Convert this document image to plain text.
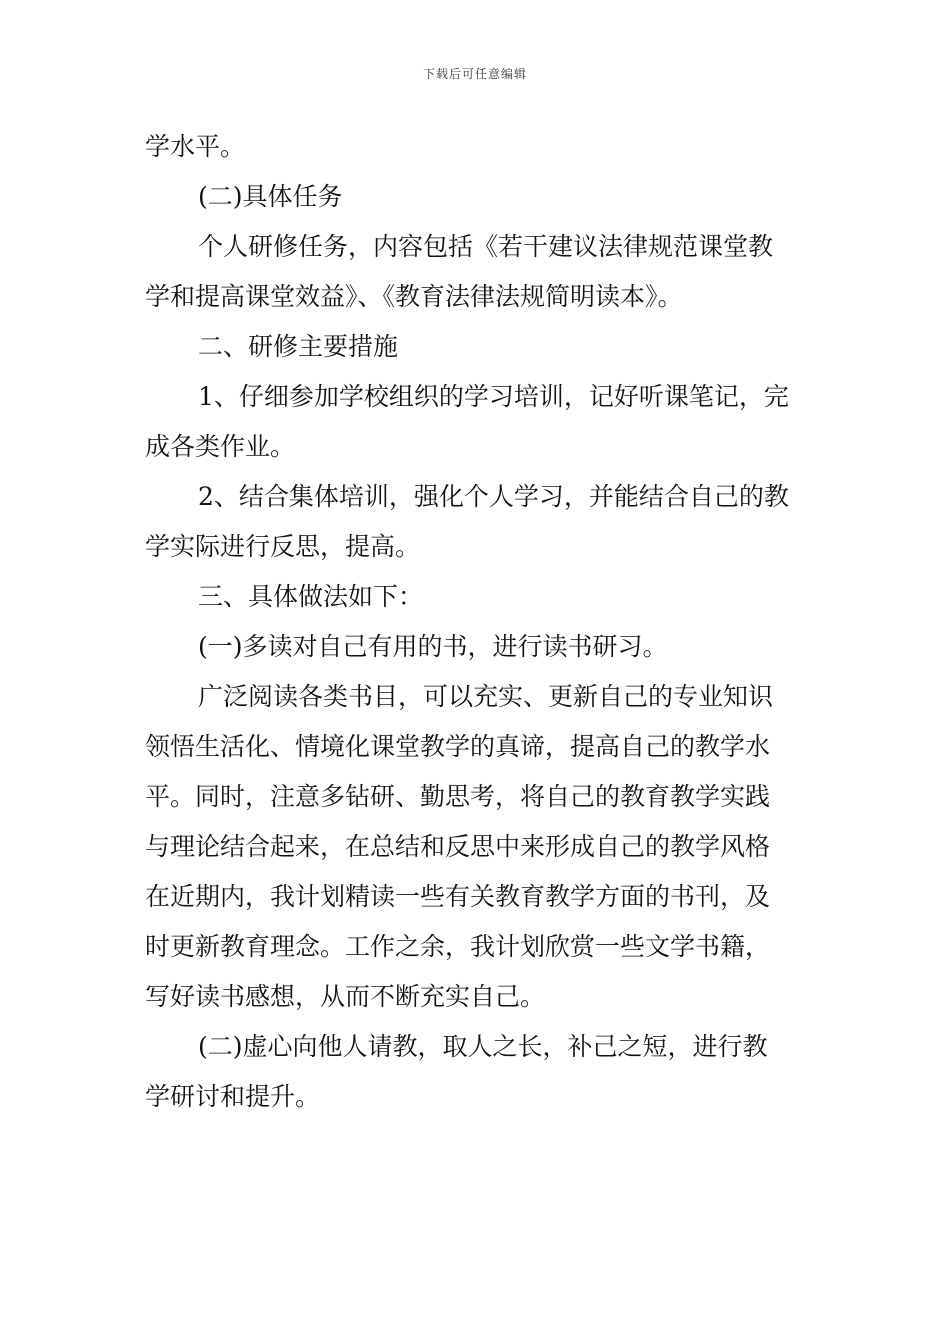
下载后可任意编辑
学水平。
(二)具体任务
个人研修任务，内容包括《若干建议法律规范课堂教
学和提高课堂效益》、《教育法律法规简明读本》。
二、研修主要措施
1、仔细参加学校组织的学习培训，记好听课笔记，完
成各类作业。
2、结合集体培训，强化个人学习，并能结合自己的教
学实际进行反思，提高。
三、具体做法如下：
(一)多读对自己有用的书，进行读书研习。
广泛阅读各类书目，可以充实、更新自己的专业知识
领悟生活化、情境化课堂教学的真谛，提高自己的教学水
平。同时，注意多钻研、勤思考，将自己的教育教学实践
与理论结合起来，在总结和反思中来形成自己的教学风格
在近期内，我计划精读一些有关教育教学方面的书刊，及
时更新教育理念。工作之余，我计划欣赏一些文学书籍，
写好读书感想，从而不断充实自己。
(二)虚心向他人请教，取人之长，补己之短，进行教
学研讨和提升。
